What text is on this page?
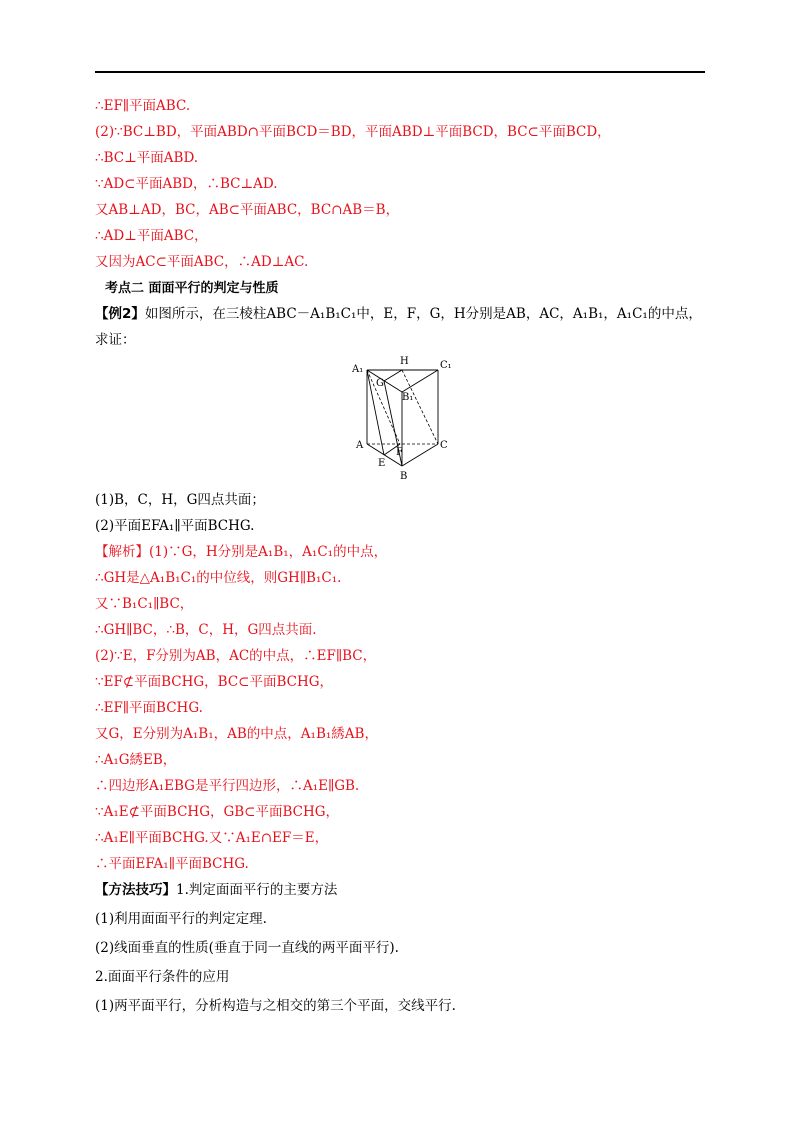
∴EF∥平面ABC.
(2)∵BC⊥BD，平面ABD∩平面BCD＝BD，平面ABD⊥平面BCD，BC⊂平面BCD，
∴BC⊥平面ABD.
∵AD⊂平面ABD，∴BC⊥AD.
又AB⊥AD，BC，AB⊂平面ABC，BC∩AB＝B，
∴AD⊥平面ABC，
又因为AC⊂平面ABC，∴AD⊥AC.
考点二 面面平行的判定与性质
【例2】如图所示，在三棱柱ABC－A₁B₁C₁中，E，F，G，H分别是AB，AC，A₁B₁，A₁C₁的中点，
求证：
A₁
H	C₁
G
B₁
A	C
F
E
B
(1)B，C，H，G四点共面；
(2)平面EFA₁∥平面BCHG.
【解析】(1)∵G，H分别是A₁B₁，A₁C₁的中点，
∴GH是△A₁B₁C₁的中位线，则GH∥B₁C₁.
又∵B₁C₁∥BC，
∴GH∥BC，∴B，C，H，G四点共面.
(2)∵E，F分别为AB，AC的中点，∴EF∥BC，
∵EF⊄平面BCHG，BC⊂平面BCHG，
∴EF∥平面BCHG.
又G，E分别为A₁B₁，AB的中点，A₁B₁綉AB，
∴A₁G綉EB，
∴四边形A₁EBG是平行四边形，∴A₁E∥GB.
∵A₁E⊄平面BCHG，GB⊂平面BCHG，
∴A₁E∥平面BCHG.又∵A₁E∩EF＝E，
∴平面EFA₁∥平面BCHG.
【方法技巧】1.判定面面平行的主要方法
(1)利用面面平行的判定定理.
(2)线面垂直的性质(垂直于同一直线的两平面平行).
2.面面平行条件的应用
(1)两平面平行，分析构造与之相交的第三个平面，交线平行.
